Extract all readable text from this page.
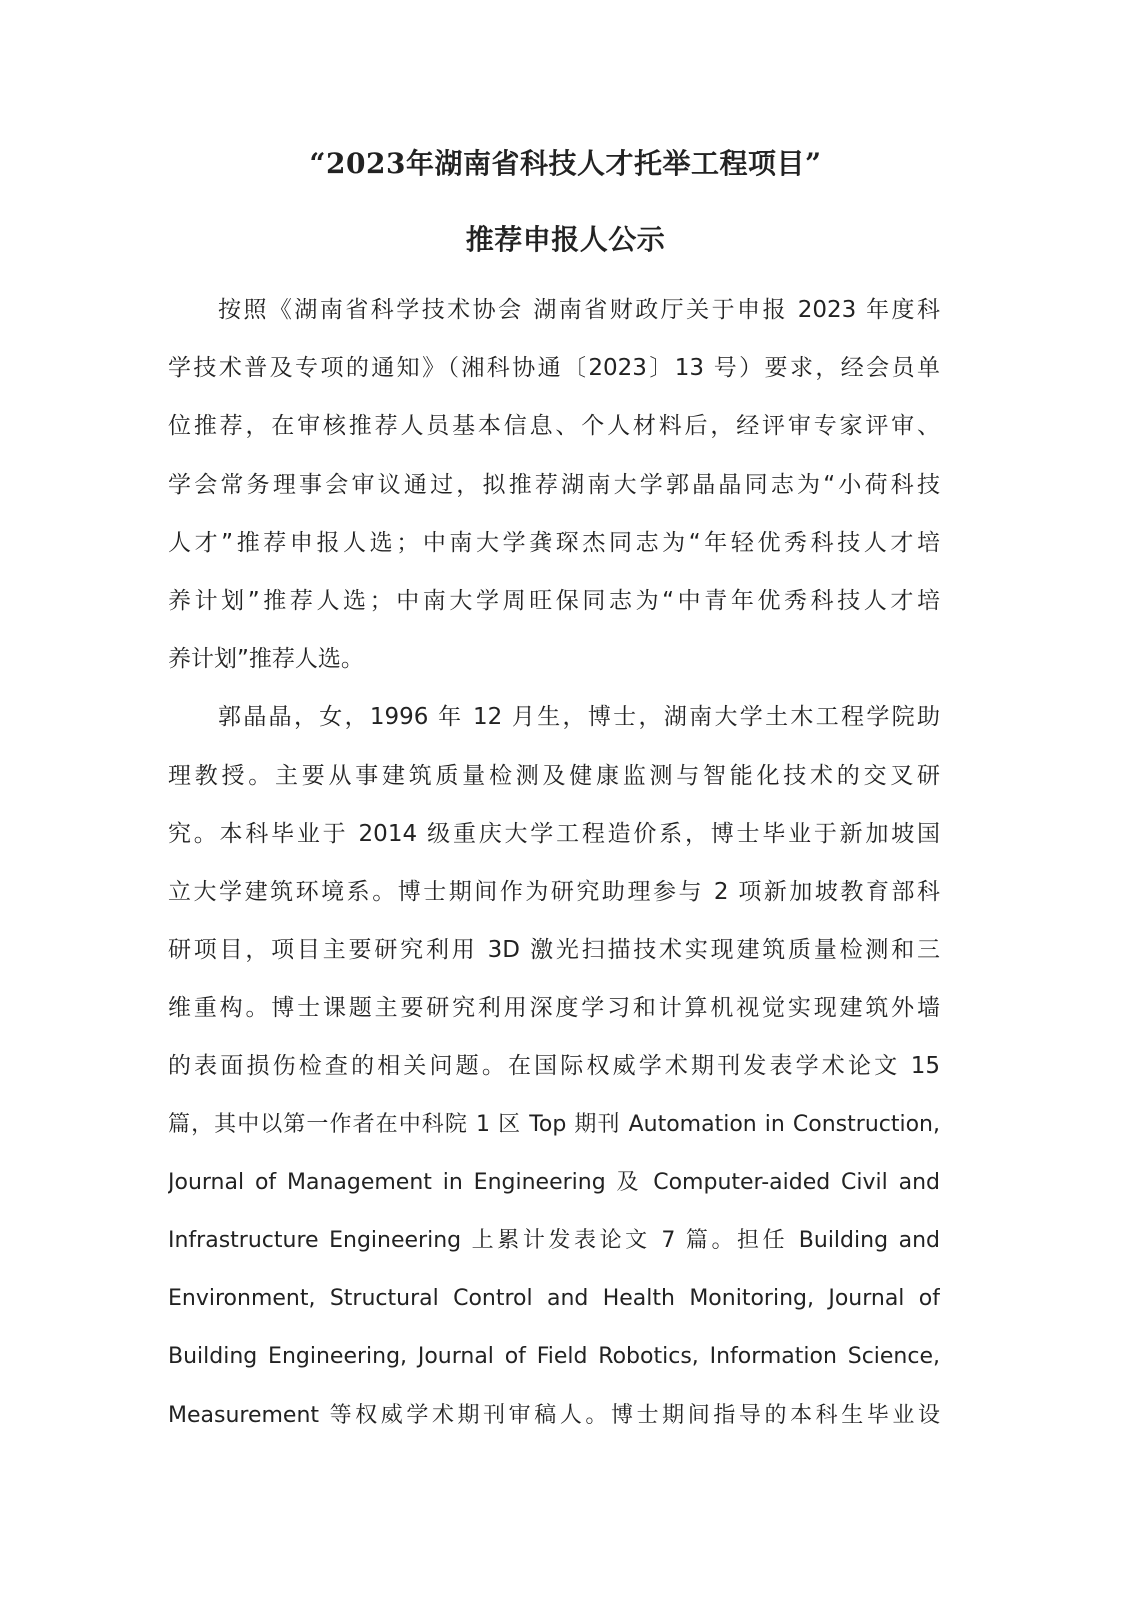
“2023年湖南省科技人才托举工程项目”
推荐申报人公示
按照《湖南省科学技术协会 湖南省财政厅关于申报 2023 年度科
学技术普及专项的通知》（湘科协通〔2023〕13 号）要求，经会员单
位推荐，在审核推荐人员基本信息、个人材料后，经评审专家评审、
学会常务理事会审议通过，拟推荐湖南大学郭晶晶同志为“小荷科技
人才”推荐申报人选；中南大学龚琛杰同志为“年轻优秀科技人才培
养计划”推荐人选；中南大学周旺保同志为“中青年优秀科技人才培
养计划”推荐人选。
郭晶晶，女，1996 年 12 月生，博士，湖南大学土木工程学院助
理教授。主要从事建筑质量检测及健康监测与智能化技术的交叉研
究。本科毕业于 2014 级重庆大学工程造价系，博士毕业于新加坡国
立大学建筑环境系。博士期间作为研究助理参与 2 项新加坡教育部科
研项目，项目主要研究利用 3D 激光扫描技术实现建筑质量检测和三
维重构。博士课题主要研究利用深度学习和计算机视觉实现建筑外墙
的表面损伤检查的相关问题。在国际权威学术期刊发表学术论文 15
篇，其中以第一作者在中科院 1 区 Top 期刊 Automation in Construction,
Journal of Management in Engineering 及 Computer-aided Civil and
Infrastructure Engineering 上累计发表论文 7 篇。担任 Building and
Environment, Structural Control and Health Monitoring, Journal of
Building Engineering, Journal of Field Robotics, Information Science,
Measurement 等权威学术期刊审稿人。博士期间指导的本科生毕业设
